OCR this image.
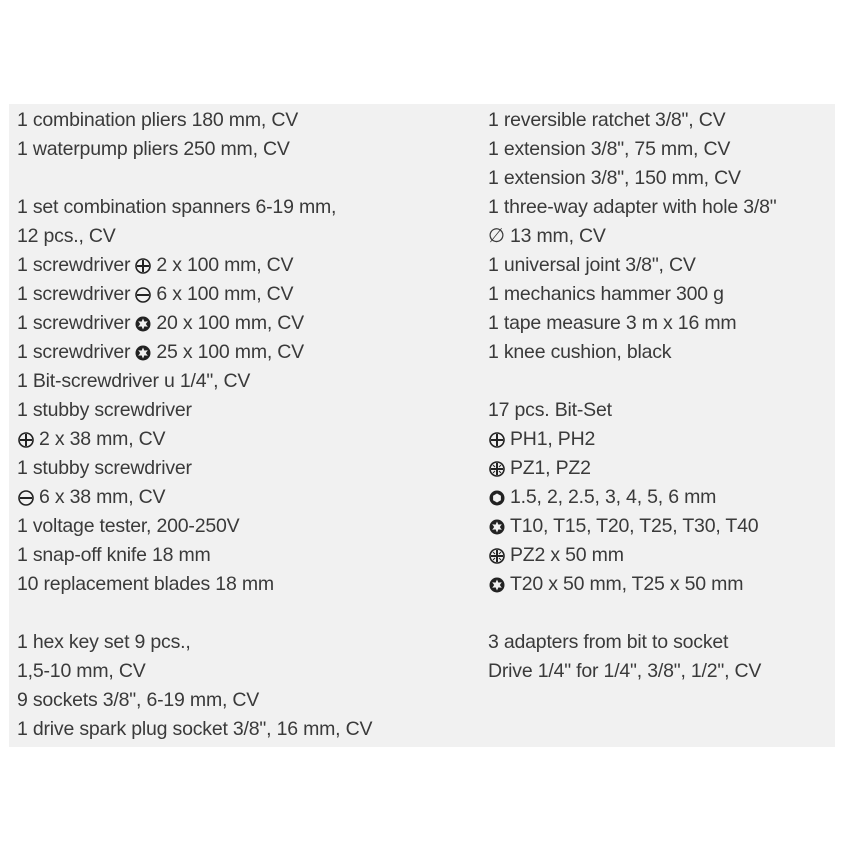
1 combination pliers 180 mm, CV
1 waterpump pliers 250 mm, CV
1 set combination spanners 6-19 mm,
12 pcs., CV
1 screwdriver 2 x 100 mm, CV
1 screwdriver 6 x 100 mm, CV
1 screwdriver 20 x 100 mm, CV
1 screwdriver 25 x 100 mm, CV
1 Bit-screwdriver u 1/4", CV
1 stubby screwdriver
2 x 38 mm, CV
1 stubby screwdriver
6 x 38 mm, CV
1 voltage tester, 200-250V
1 snap-off knife 18 mm
10 replacement blades 18 mm
1 hex key set 9 pcs.,
1,5-10 mm, CV
9 sockets 3/8", 6-19 mm, CV
1 drive spark plug socket 3/8", 16 mm, CV
1 reversible ratchet 3/8", CV
1 extension 3/8", 75 mm, CV
1 extension 3/8", 150 mm, CV
1 three-way adapter with hole 3/8"
∅ 13 mm, CV
1 universal joint 3/8", CV
1 mechanics hammer 300 g
1 tape measure 3 m x 16 mm
1 knee cushion, black
17 pcs. Bit-Set
PH1, PH2
PZ1, PZ2
1.5, 2, 2.5, 3, 4, 5, 6 mm
T10, T15, T20, T25, T30, T40
PZ2 x 50 mm
T20 x 50 mm, T25 x 50 mm
3 adapters from bit to socket
Drive 1/4" for 1/4", 3/8", 1/2", CV
